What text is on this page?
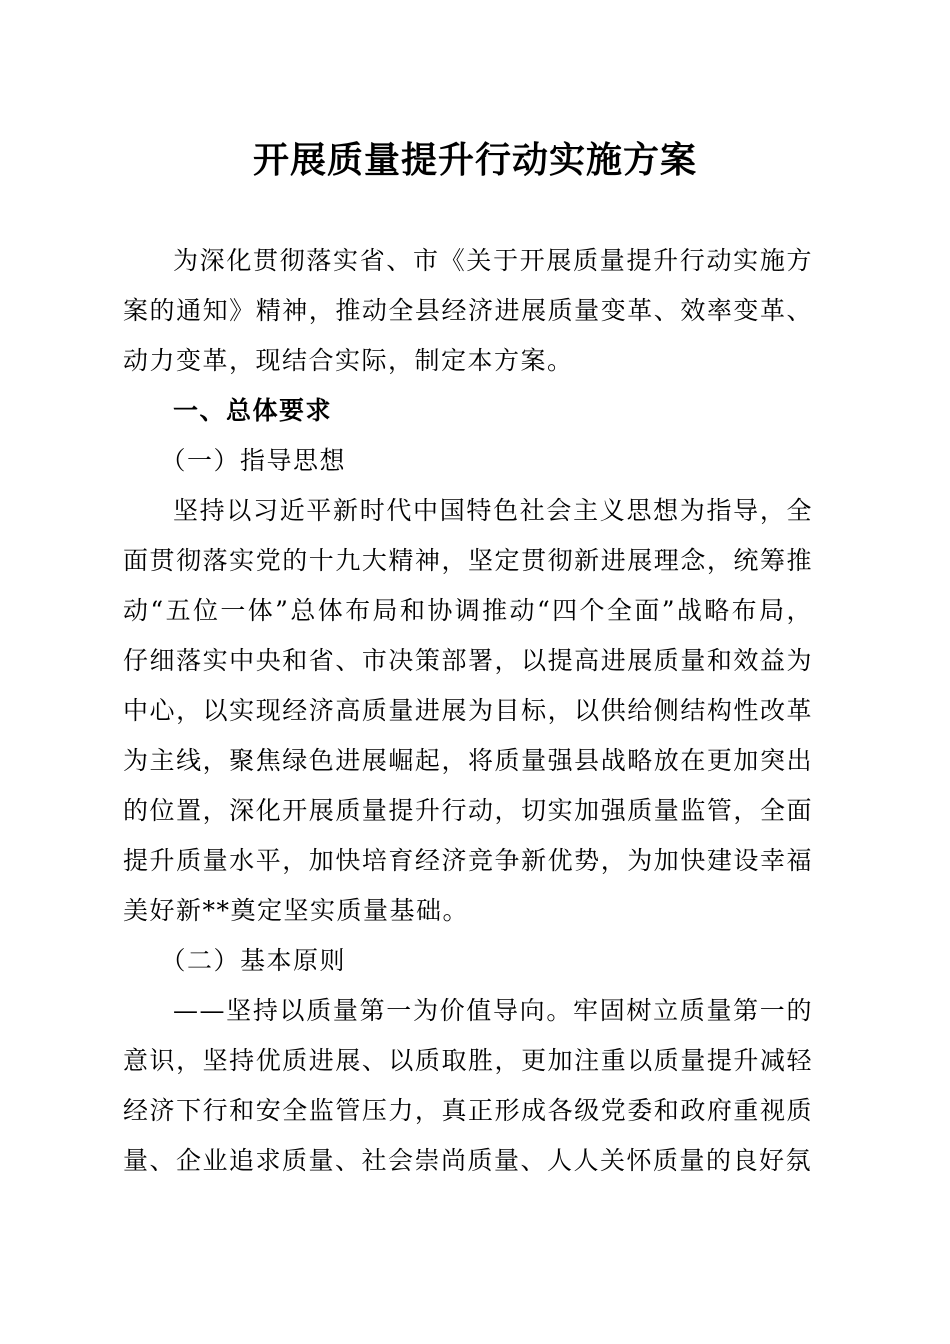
开展质量提升行动实施方案

为深化贯彻落实省、市《关于开展质量提升行动实施方案的通知》精神，推动全县经济进展质量变革、效率变革、动力变革，现结合实际，制定本方案。

一、总体要求

（一）指导思想

坚持以习近平新时代中国特色社会主义思想为指导，全面贯彻落实党的十九大精神，坚定贯彻新进展理念，统筹推动“五位一体”总体布局和协调推动“四个全面”战略布局，仔细落实中央和省、市决策部署，以提高进展质量和效益为中心，以实现经济高质量进展为目标，以供给侧结构性改革为主线，聚焦绿色进展崛起，将质量强县战略放在更加突出的位置，深化开展质量提升行动，切实加强质量监管，全面提升质量水平，加快培育经济竞争新优势，为加快建设幸福美好新**奠定坚实质量基础。

（二）基本原则

——坚持以质量第一为价值导向。牢固树立质量第一的意识，坚持优质进展、以质取胜，更加注重以质量提升减轻经济下行和安全监管压力，真正形成各级党委和政府重视质量、企业追求质量、社会崇尚质量、人人关怀质量的良好氛
